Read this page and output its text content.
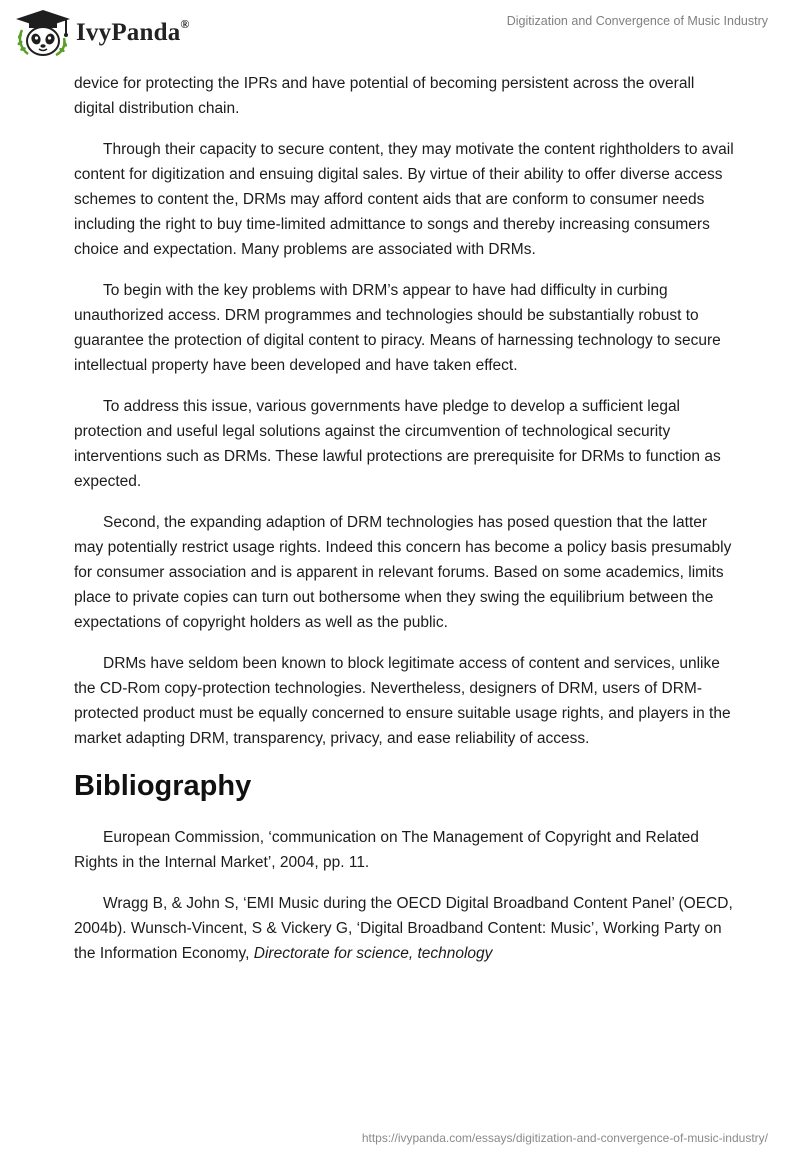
IvyPanda®	Digitization and Convergence of Music Industry

device for protecting the IPRs and have potential of becoming persistent across the overall digital distribution chain.

Through their capacity to secure content, they may motivate the content rightholders to avail content for digitization and ensuing digital sales. By virtue of their ability to offer diverse access schemes to content the, DRMs may afford content aids that are conform to consumer needs including the right to buy time-limited admittance to songs and thereby increasing consumers choice and expectation. Many problems are associated with DRMs.

To begin with the key problems with DRM’s appear to have had difficulty in curbing unauthorized access. DRM programmes and technologies should be substantially robust to guarantee the protection of digital content to piracy. Means of harnessing technology to secure intellectual property have been developed and have taken effect.

To address this issue, various governments have pledge to develop a sufficient legal protection and useful legal solutions against the circumvention of technological security interventions such as DRMs. These lawful protections are prerequisite for DRMs to function as expected.

Second, the expanding adaption of DRM technologies has posed question that the latter may potentially restrict usage rights. Indeed this concern has become a policy basis presumably for consumer association and is apparent in relevant forums. Based on some academics, limits place to private copies can turn out bothersome when they swing the equilibrium between the expectations of copyright holders as well as the public.

DRMs have seldom been known to block legitimate access of content and services, unlike the CD-Rom copy-protection technologies. Nevertheless, designers of DRM, users of DRM-protected product must be equally concerned to ensure suitable usage rights, and players in the market adapting DRM, transparency, privacy, and ease reliability of access.

Bibliography

European Commission, ‘communication on The Management of Copyright and Related Rights in the Internal Market’, 2004, pp. 11.

Wragg B, & John S, ‘EMI Music during the OECD Digital Broadband Content Panel’ (OECD, 2004b). Wunsch-Vincent, S & Vickery G, ‘Digital Broadband Content: Music’, Working Party on the Information Economy, Directorate for science, technology

https://ivypanda.com/essays/digitization-and-convergence-of-music-industry/
